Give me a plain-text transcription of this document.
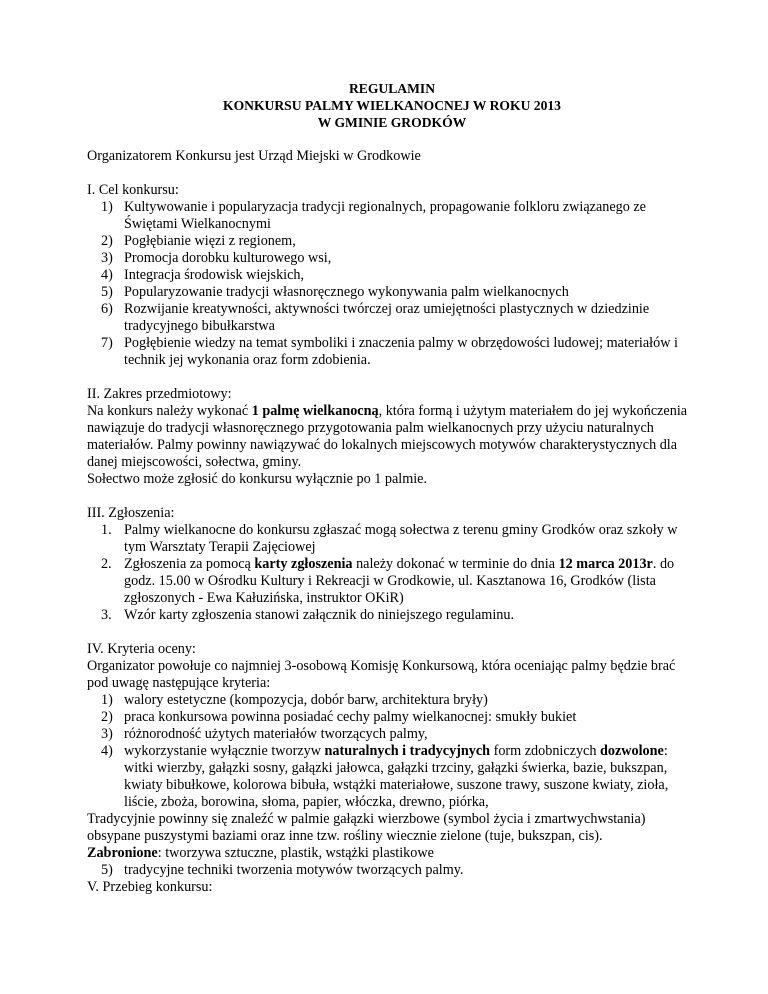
REGULAMIN
KONKURSU PALMY WIELKANOCNEJ W ROKU 2013
W GMINIE GRODKÓW

Organizatorem Konkursu jest Urząd Miejski w Grodkowie

I. Cel konkursu:

1) Kultywowanie i popularyzacja tradycji regionalnych, propagowanie folkloru związanego ze Świętami Wielkanocnymi
2) Pogłębianie więzi z regionem,
3) Promocja dorobku kulturowego wsi,
4) Integracja środowisk wiejskich,
5) Popularyzowanie tradycji własnoręcznego wykonywania palm wielkanocnych
6) Rozwijanie kreatywności, aktywności twórczej oraz umiejętności plastycznych w dziedzinie tradycyjnego bibułkarstwa
7) Pogłębienie wiedzy na temat symboliki i znaczenia palmy w obrzędowości ludowej; materiałów i technik jej wykonania oraz form zdobienia.

II. Zakres przedmiotowy:

Na konkurs należy wykonać 1 palmę wielkanocną, która formą i użytym materiałem do jej wykończenia nawiązuje do tradycji własnoręcznego przygotowania palm wielkanocnych przy użyciu naturalnych materiałów. Palmy powinny nawiązywać do lokalnych miejscowych motywów charakterystycznych dla danej miejscowości, sołectwa, gminy.

Sołectwo może zgłosić do konkursu wyłącznie po 1 palmie.

III. Zgłoszenia:

1. Palmy wielkanocne do konkursu zgłaszać mogą sołectwa z terenu gminy Grodków oraz szkoły w tym Warsztaty Terapii Zajęciowej
2. Zgłoszenia za pomocą karty zgłoszenia należy dokonać w terminie do dnia 12 marca 2013r. do godz. 15.00 w Ośrodku Kultury i Rekreacji w Grodkowie, ul. Kasztanowa 16, Grodków (lista zgłoszonych - Ewa Kałuzińska, instruktor OKiR)
3. Wzór karty zgłoszenia stanowi załącznik do niniejszego regulaminu.

IV. Kryteria oceny:

Organizator powołuje co najmniej 3-osobową Komisję Konkursową, która oceniając palmy będzie brać pod uwagę następujące kryteria:

1) walory estetyczne (kompozycja, dobór barw, architektura bryły)
2) praca konkursowa powinna posiadać cechy palmy wielkanocnej: smukły bukiet
3) różnorodność użytych materiałów tworzących palmy,
4) wykorzystanie wyłącznie tworzyw naturalnych i tradycyjnych form zdobniczych dozwolone: witki wierzby, gałązki sosny, gałązki jałowca, gałązki trzciny, gałązki świerka, bazie, bukszpan, kwiaty bibułkowe, kolorowa bibuła, wstążki materiałowe, suszone trawy, suszone kwiaty, zioła, liście, zboża, borowina, słoma, papier, włóczka, drewno, piórka,

Tradycyjnie powinny się znaleźć w palmie gałązki wierzbowe (symbol życia i zmartwychwstania) obsypane puszystymi baziami oraz inne tzw. rośliny wiecznie zielone (tuje, bukszpan, cis).

Zabronione: tworzywa sztuczne, plastik, wstążki plastikowe

5) tradycyjne techniki tworzenia motywów tworzących palmy.

V. Przebieg konkursu:
